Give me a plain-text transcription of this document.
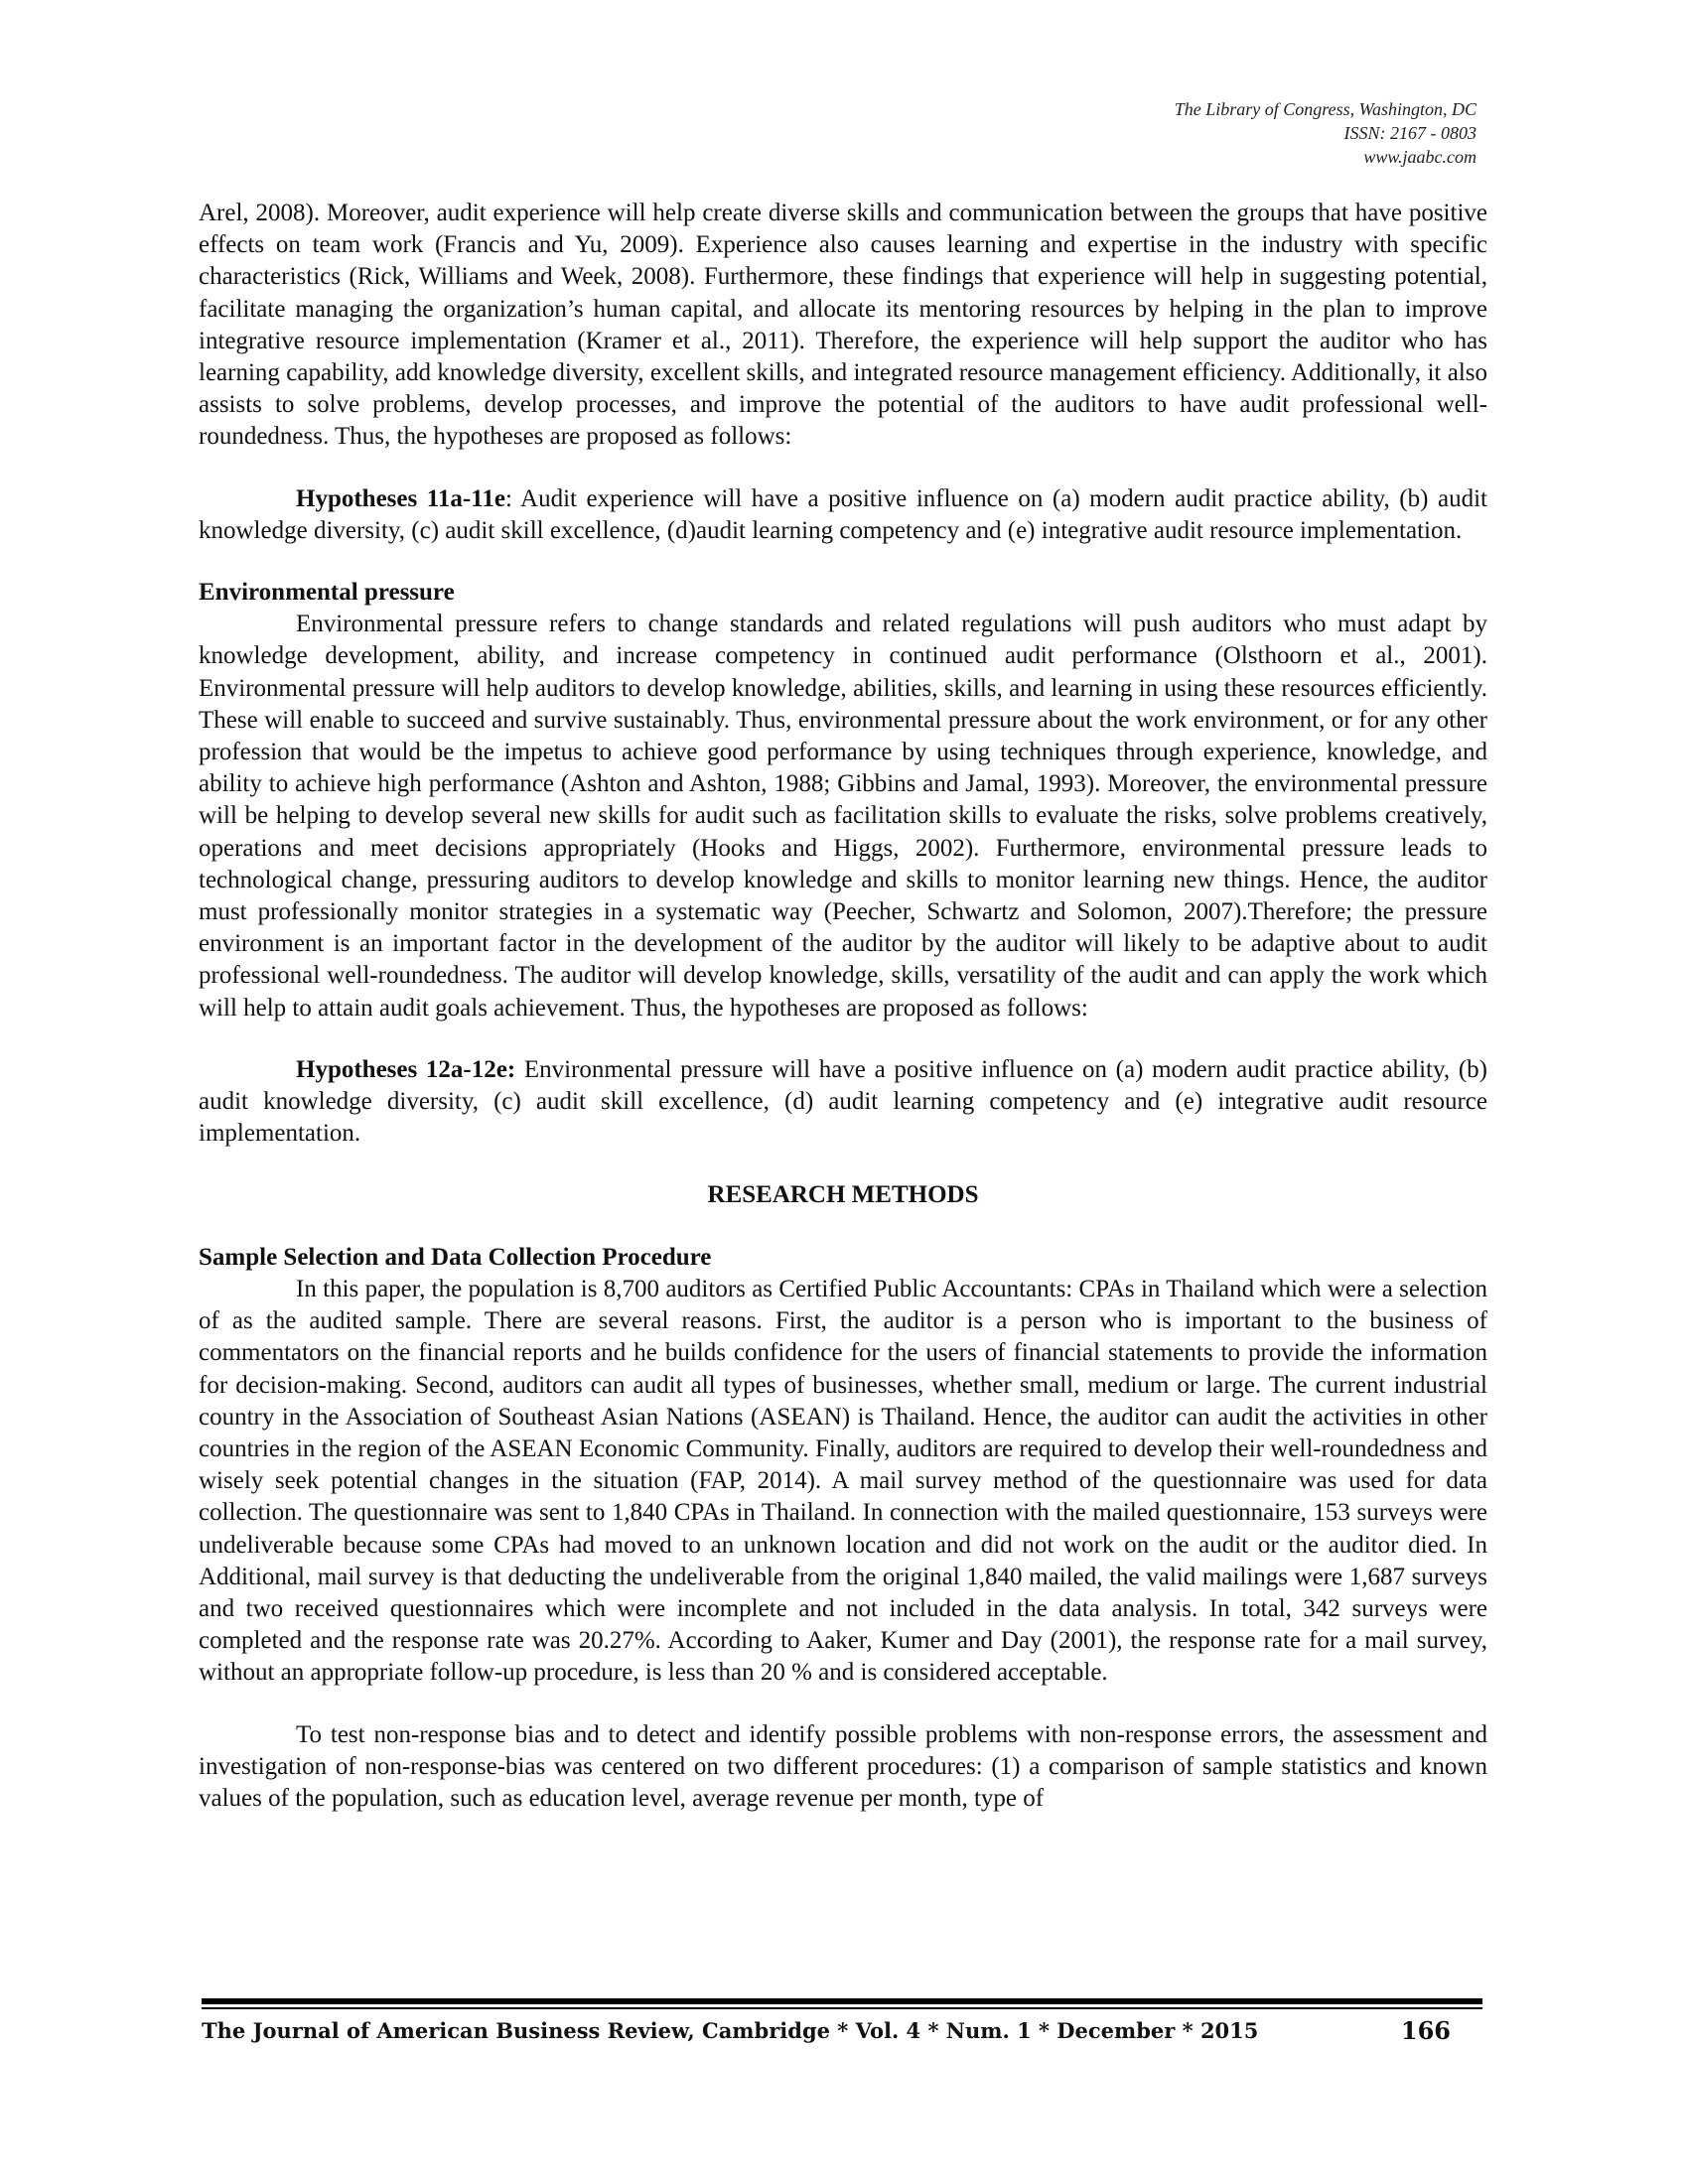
The Library of Congress, Washington, DC
ISSN: 2167 - 0803
www.jaabc.com

Arel, 2008). Moreover, audit experience will help create diverse skills and communication between the groups that have positive effects on team work (Francis and Yu, 2009). Experience also causes learning and expertise in the industry with specific characteristics (Rick, Williams and Week, 2008). Furthermore, these findings that experience will help in suggesting potential, facilitate managing the organization’s human capital, and allocate its mentoring resources by helping in the plan to improve integrative resource implementation (Kramer et al., 2011). Therefore, the experience will help support the auditor who has learning capability, add knowledge diversity, excellent skills, and integrated resource management efficiency. Additionally, it also assists to solve problems, develop processes, and improve the potential of the auditors to have audit professional well-roundedness. Thus, the hypotheses are proposed as follows:

Hypotheses 11a-11e: Audit experience will have a positive influence on (a) modern audit practice ability, (b) audit knowledge diversity, (c) audit skill excellence, (d)audit learning competency and (e) integrative audit resource implementation.

Environmental pressure

Environmental pressure refers to change standards and related regulations will push auditors who must adapt by knowledge development, ability, and increase competency in continued audit performance (Olsthoorn et al., 2001). Environmental pressure will help auditors to develop knowledge, abilities, skills, and learning in using these resources efficiently. These will enable to succeed and survive sustainably. Thus, environmental pressure about the work environment, or for any other profession that would be the impetus to achieve good performance by using techniques through experience, knowledge, and ability to achieve high performance (Ashton and Ashton, 1988; Gibbins and Jamal, 1993). Moreover, the environmental pressure will be helping to develop several new skills for audit such as facilitation skills to evaluate the risks, solve problems creatively, operations and meet decisions appropriately (Hooks and Higgs, 2002). Furthermore, environmental pressure leads to technological change, pressuring auditors to develop knowledge and skills to monitor learning new things. Hence, the auditor must professionally monitor strategies in a systematic way (Peecher, Schwartz and Solomon, 2007).Therefore; the pressure environment is an important factor in the development of the auditor by the auditor will likely to be adaptive about to audit professional well-roundedness. The auditor will develop knowledge, skills, versatility of the audit and can apply the work which will help to attain audit goals achievement. Thus, the hypotheses are proposed as follows:

Hypotheses 12a-12e: Environmental pressure will have a positive influence on (a) modern audit practice ability, (b) audit knowledge diversity, (c) audit skill excellence, (d) audit learning competency and (e) integrative audit resource implementation.

RESEARCH METHODS

Sample Selection and Data Collection Procedure

In this paper, the population is 8,700 auditors as Certified Public Accountants: CPAs in Thailand which were a selection of as the audited sample. There are several reasons. First, the auditor is a person who is important to the business of commentators on the financial reports and he builds confidence for the users of financial statements to provide the information for decision-making. Second, auditors can audit all types of businesses, whether small, medium or large. The current industrial country in the Association of Southeast Asian Nations (ASEAN) is Thailand. Hence, the auditor can audit the activities in other countries in the region of the ASEAN Economic Community. Finally, auditors are required to develop their well-roundedness and wisely seek potential changes in the situation (FAP, 2014). A mail survey method of the questionnaire was used for data collection. The questionnaire was sent to 1,840 CPAs in Thailand. In connection with the mailed questionnaire, 153 surveys were undeliverable because some CPAs had moved to an unknown location and did not work on the audit or the auditor died. In Additional, mail survey is that deducting the undeliverable from the original 1,840 mailed, the valid mailings were 1,687 surveys and two received questionnaires which were incomplete and not included in the data analysis. In total, 342 surveys were completed and the response rate was 20.27%. According to Aaker, Kumer and Day (2001), the response rate for a mail survey, without an appropriate follow-up procedure, is less than 20 % and is considered acceptable.

To test non-response bias and to detect and identify possible problems with non-response errors, the assessment and investigation of non-response-bias was centered on two different procedures: (1) a comparison of sample statistics and known values of the population, such as education level, average revenue per month, type of

The Journal of American Business Review, Cambridge * Vol. 4 * Num. 1 * December * 2015	166
